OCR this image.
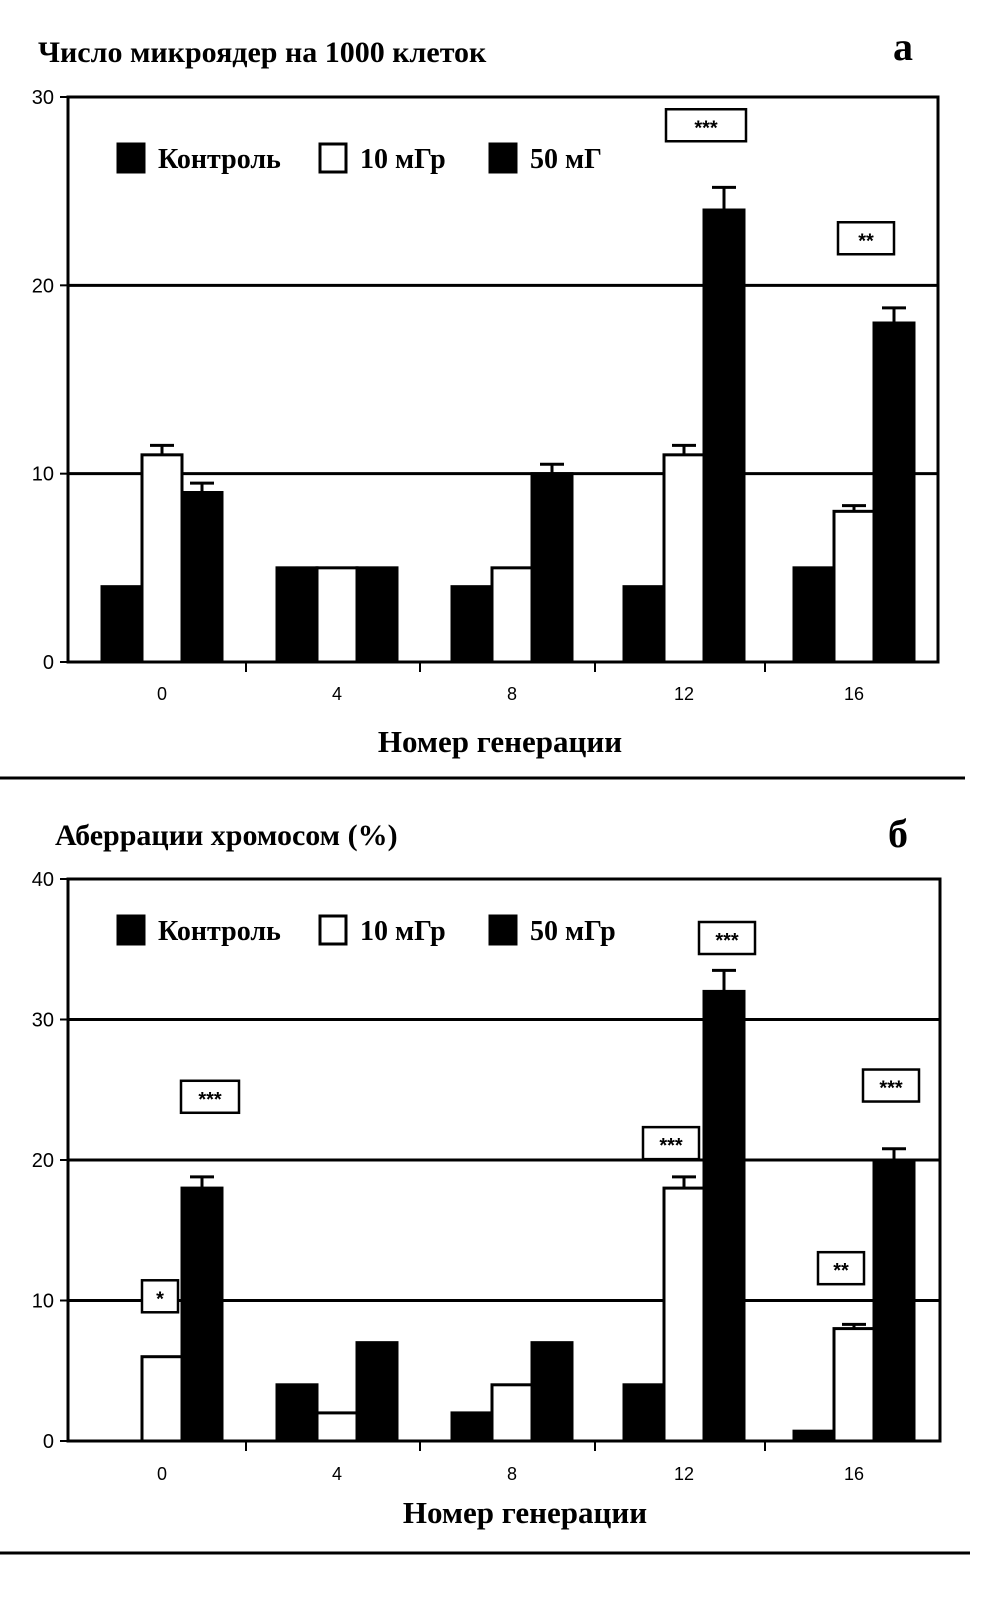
Число микроядер на 1000 клеток	а
Номер генерации
0
10
20
30
0	4	8	12	16
Контроль	10 мГр	50 мГ
***
**
Аберрации хромосом (%)	б
Номер генерации
0
10
20
30
40
0	4	8	12	16
Контроль	10 мГр	50 мГр
***
*
***
***
***
**
